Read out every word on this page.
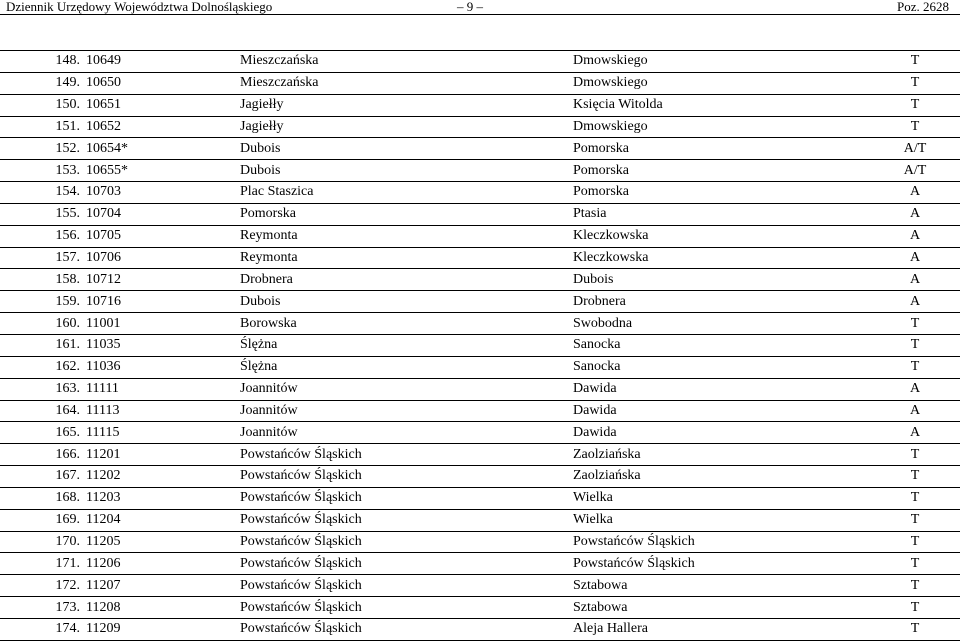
Dziennik Urzędowy Województwa Dolnośląskiego	– 9 –	Poz. 2628
148.	10649	Mieszczańska	Dmowskiego	T
149.	10650	Mieszczańska	Dmowskiego	T
150.	10651	Jagiełły	Księcia Witolda	T
151.	10652	Jagiełły	Dmowskiego	T
152.	10654*	Dubois	Pomorska	A/T
153.	10655*	Dubois	Pomorska	A/T
154.	10703	Plac Staszica	Pomorska	A
155.	10704	Pomorska	Ptasia	A
156.	10705	Reymonta	Kleczkowska	A
157.	10706	Reymonta	Kleczkowska	A
158.	10712	Drobnera	Dubois	A
159.	10716	Dubois	Drobnera	A
160.	11001	Borowska	Swobodna	T
161.	11035	Ślężna	Sanocka	T
162.	11036	Ślężna	Sanocka	T
163.	11111	Joannitów	Dawida	A
164.	11113	Joannitów	Dawida	A
165.	11115	Joannitów	Dawida	A
166.	11201	Powstańców Śląskich	Zaolziańska	T
167.	11202	Powstańców Śląskich	Zaolziańska	T
168.	11203	Powstańców Śląskich	Wielka	T
169.	11204	Powstańców Śląskich	Wielka	T
170.	11205	Powstańców Śląskich	Powstańców Śląskich	T
171.	11206	Powstańców Śląskich	Powstańców Śląskich	T
172.	11207	Powstańców Śląskich	Sztabowa	T
173.	11208	Powstańców Śląskich	Sztabowa	T
174.	11209	Powstańców Śląskich	Aleja Hallera	T
